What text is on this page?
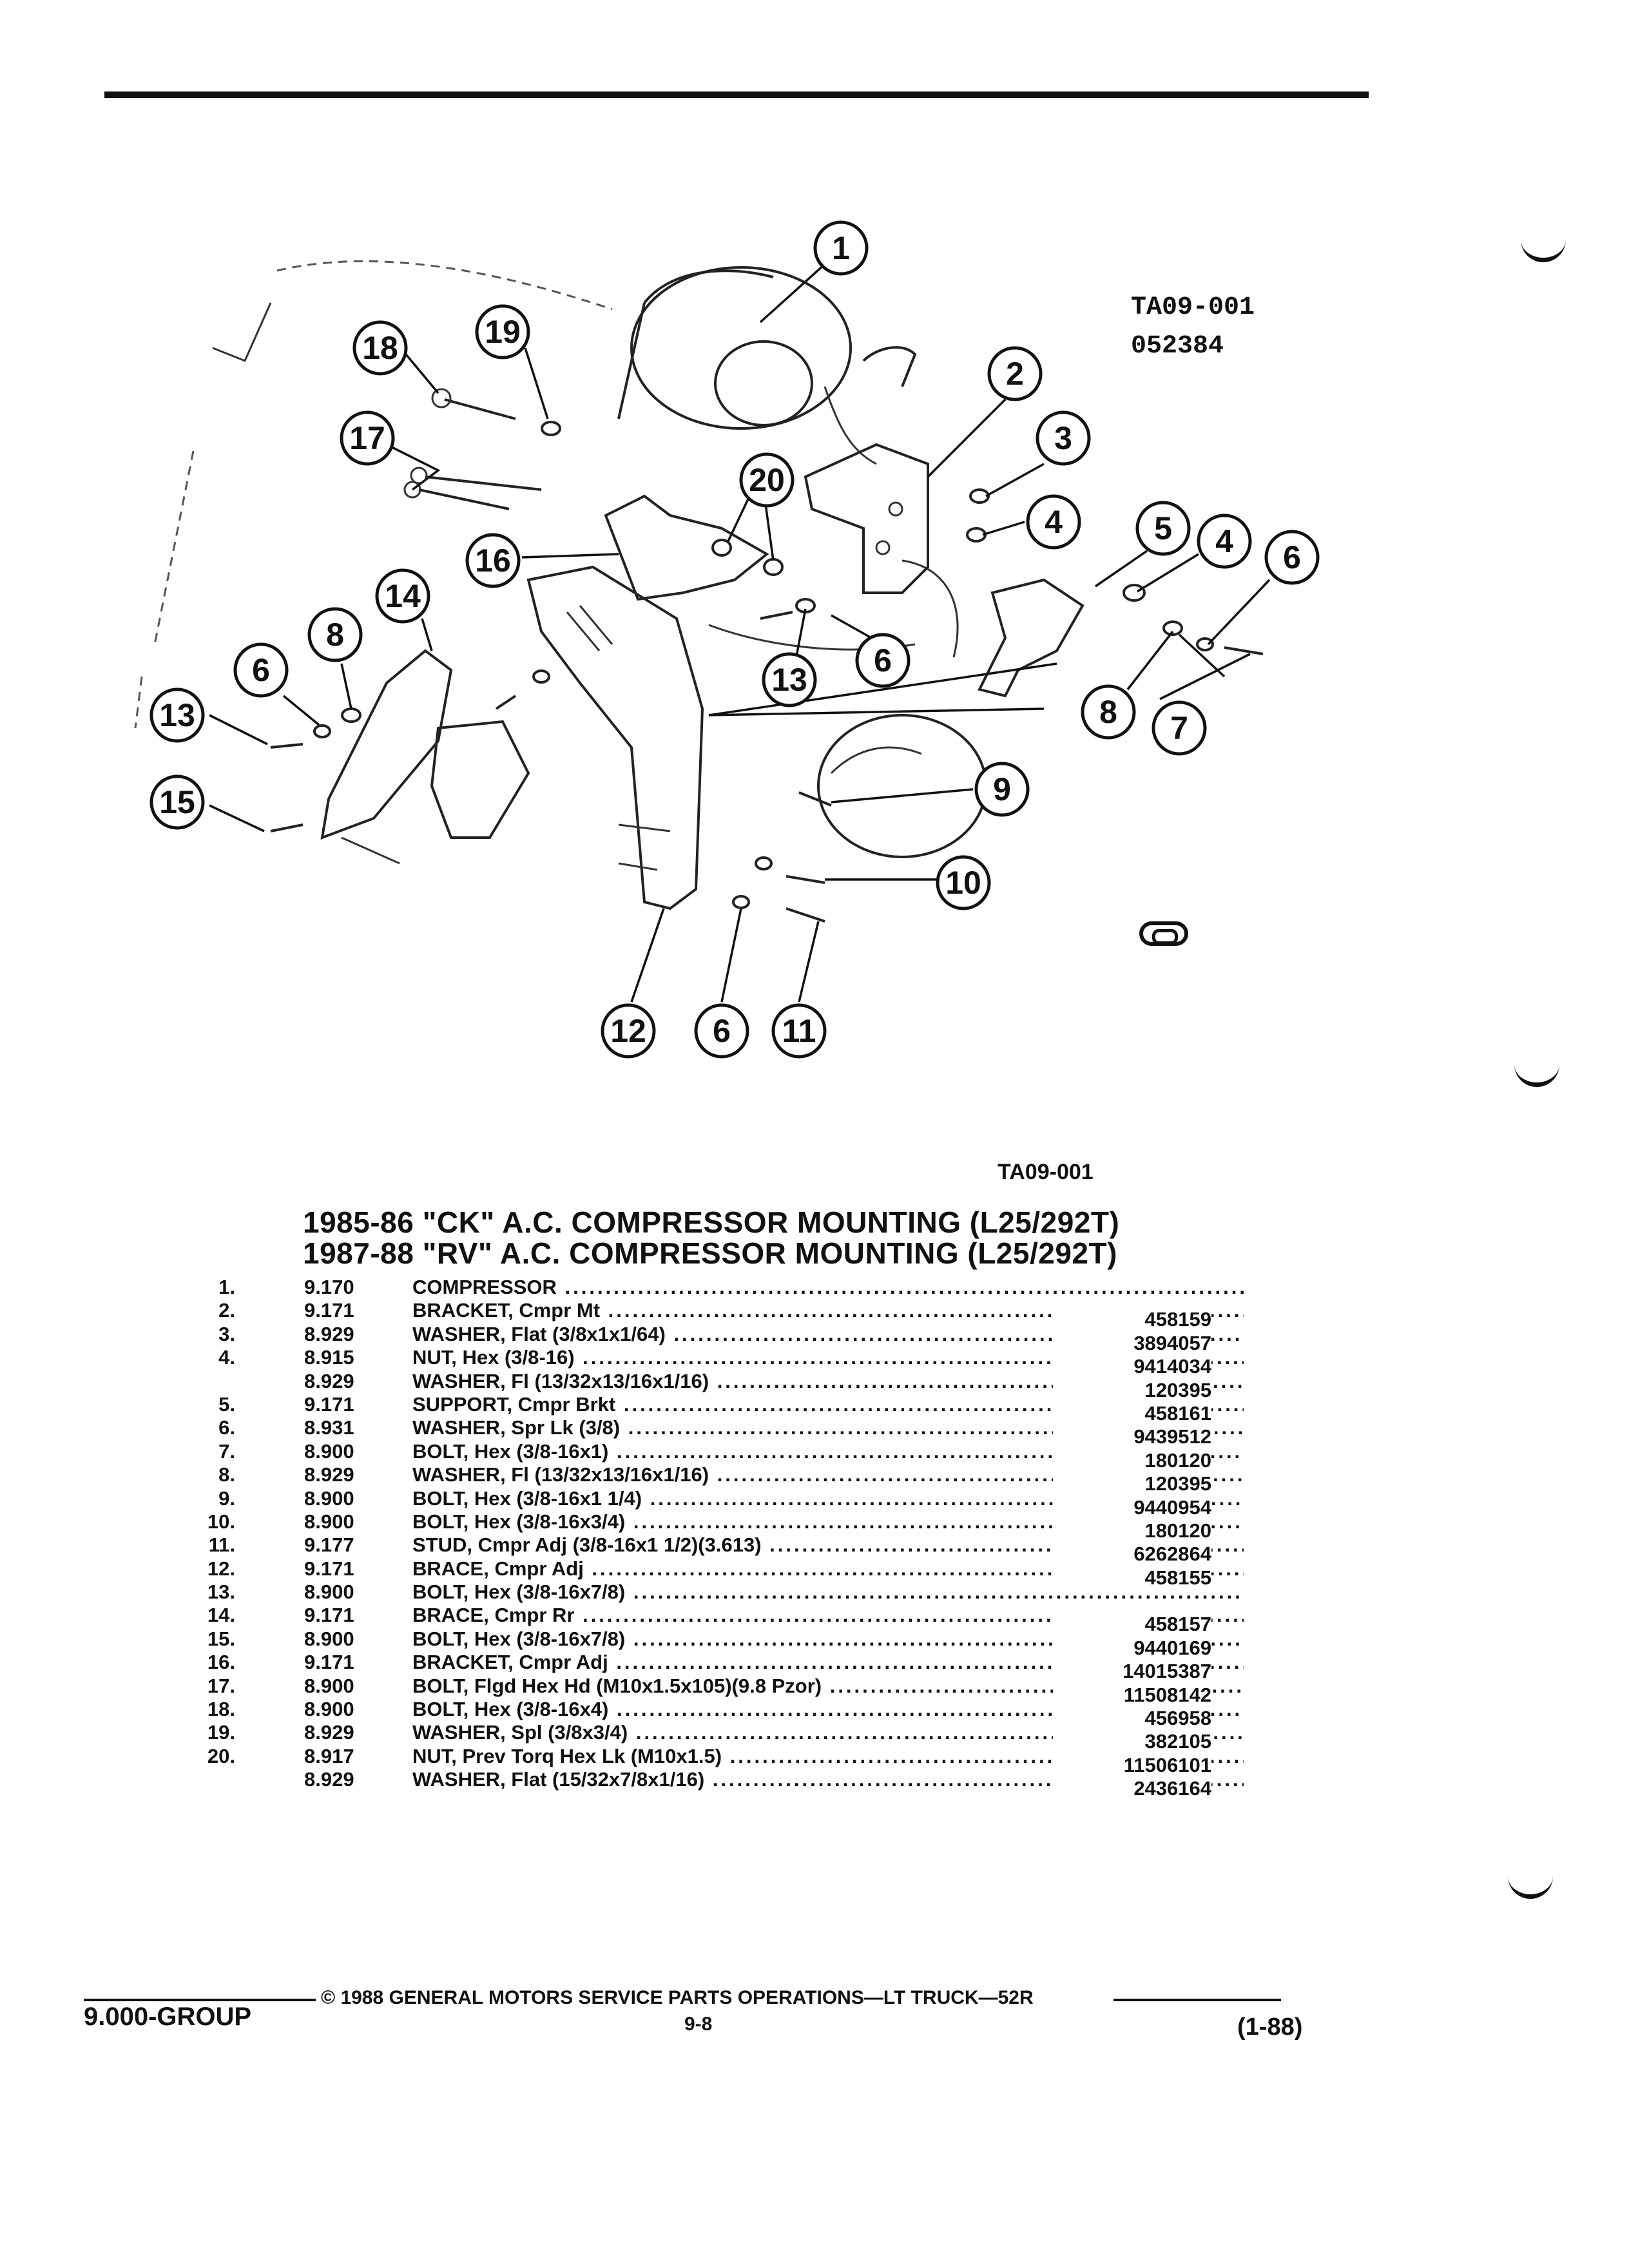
1
2
3
4
4
5
6
6
6
6
7
8
8
9
10
11
12
13
13
14
15
16
17
18	19
20
TA09-001
052384
TA09-001
1985-86 "CK" A.C. COMPRESSOR MOUNTING (L25/292T)
1987-88 "RV" A.C. COMPRESSOR MOUNTING (L25/292T)
1.	9.170	COMPRESSOR .....
2.	9.171	BRACKET, Cmpr Mt .....	458159
3.	8.929	WASHER, Flat (3/8x1x1/64) .....	3894057
4.	8.915	NUT, Hex (3/8-16) .....	9414034
8.929	WASHER, Fl (13/32x13/16x1/16) .....	120395
5.	9.171	SUPPORT, Cmpr Brkt .....	458161
6.	8.931	WASHER, Spr Lk (3/8) .....	9439512
7.	8.900	BOLT, Hex (3/8-16x1) .....	180120
8.	8.929	WASHER, Fl (13/32x13/16x1/16) .....	120395
9.	8.900	BOLT, Hex (3/8-16x1 1/4) .....	9440954
10.	8.900	BOLT, Hex (3/8-16x3/4) .....	180120
11.	9.177	STUD, Cmpr Adj (3/8-16x1 1/2)(3.613) .....	6262864
12.	9.171	BRACE, Cmpr Adj .....	458155
13.	8.900	BOLT, Hex (3/8-16x7/8) .....
14.	9.171	BRACE, Cmpr Rr .....	458157
15.	8.900	BOLT, Hex (3/8-16x7/8) .....	9440169
16.	9.171	BRACKET, Cmpr Adj .....	14015387
17.	8.900	BOLT, Flgd Hex Hd (M10x1.5x105)(9.8 Pzor) .....	11508142
18.	8.900	BOLT, Hex (3/8-16x4) .....	456958
19.	8.929	WASHER, Spl (3/8x3/4) .....	382105
20.	8.917	NUT, Prev Torq Hex Lk (M10x1.5) .....	11506101
8.929	WASHER, Flat (15/32x7/8x1/16) .....	2436164
© 1988 GENERAL MOTORS SERVICE PARTS OPERATIONS—LT TRUCK—52R
9.000-GROUP	9-8	(1-88)
